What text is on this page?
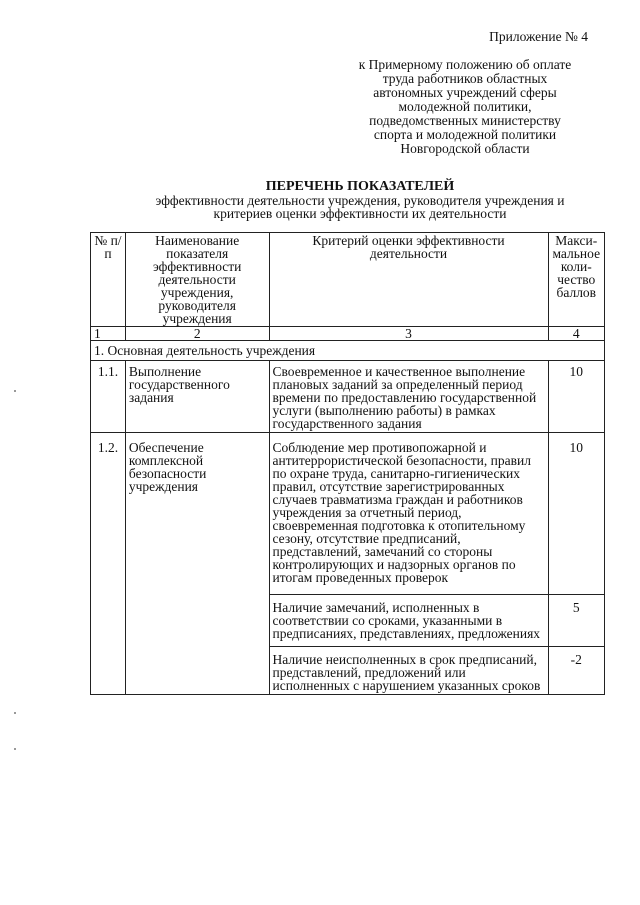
Приложение № 4
к Примерному положению об оплате
труда работников областных
автономных учреждений сферы
молодежной политики,
подведомственных министерству
спорта и молодежной политики
Новгородской области
ПЕРЕЧЕНЬ ПОКАЗАТЕЛЕЙ
эффективности деятельности учреждения, руководителя учреждения и
критериев оценки эффективности их деятельности
№ п/п	Наименование показателя эффективности деятельности учреждения, руководителя учреждения	Критерий оценки эффективности деятельности	Макси-мальное коли-чество баллов
1	2	3	4
1. Основная деятельность учреждения			
1.1.	Выполнение государственного задания	Своевременное и качественное выполнение плановых заданий за определенный период времени по предоставлению государственной услуги (выполнению работы) в рамках государственного задания	10
1.2.	Обеспечение комплексной безопасности учреждения	Соблюдение мер противопожарной и антитеррористической безопасности, правил по охране труда, санитарно-гигиенических правил, отсутствие зарегистрированных случаев травматизма граждан и работников учреждения за отчетный период, своевременная подготовка к отопительному сезону, отсутствие предписаний, представлений, замечаний со стороны контролирующих и надзорных органов по итогам проведенных проверок	10
		Наличие замечаний, исполненных в соответствии со сроками, указанными в предписаниях, представлениях, предложениях	5
		Наличие неисполненных в срок предписаний, представлений, предложений или исполненных с нарушением указанных сроков	-2
